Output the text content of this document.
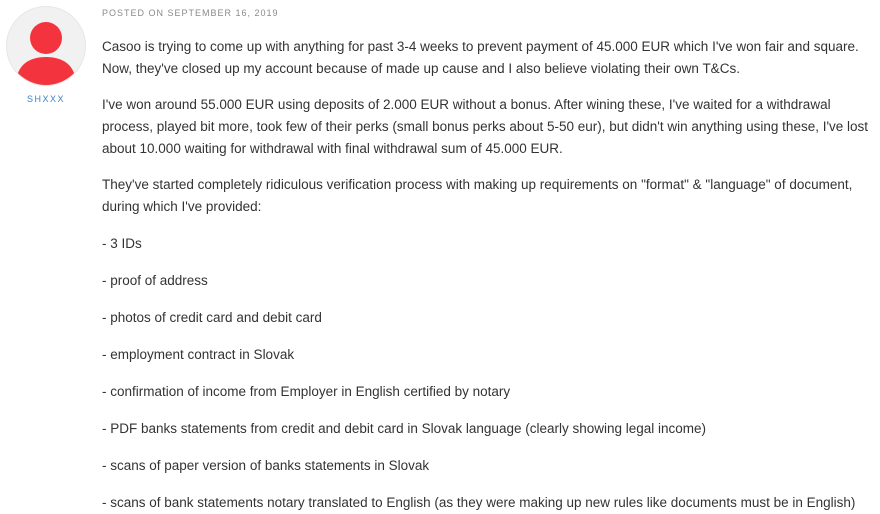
SHXXX
POSTED ON SEPTEMBER 16, 2019

Casoo is trying to come up with anything for past 3-4 weeks to prevent payment of 45.000 EUR which I've won fair and square. Now, they've closed up my account because of made up cause and I also believe violating their own T&Cs.

I've won around 55.000 EUR using deposits of 2.000 EUR without a bonus. After wining these, I've waited for a withdrawal process, played bit more, took few of their perks (small bonus perks about 5-50 eur), but didn't win anything using these, I've lost about 10.000 waiting for withdrawal with final withdrawal sum of 45.000 EUR.

They've started completely ridiculous verification process with making up requirements on "format" & "language" of document, during which I've provided:

- 3 IDs

- proof of address

- photos of credit card and debit card

- employment contract in Slovak

- confirmation of income from Employer in English certified by notary

- PDF banks statements from credit and debit card in Slovak language (clearly showing legal income)

- scans of paper version of banks statements in Slovak

- scans of bank statements notary translated to English (as they were making up new rules like documents must be in English)
